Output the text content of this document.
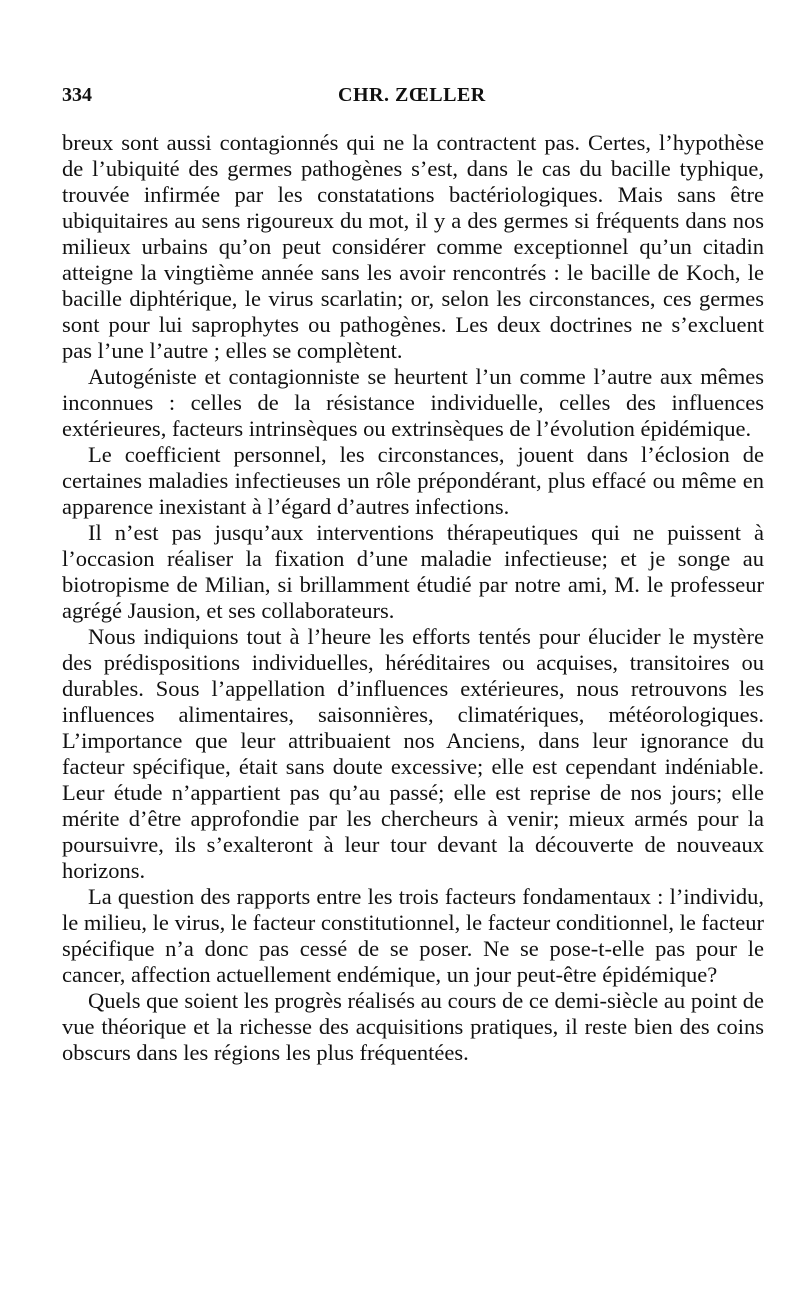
334	CHR. ZŒLLER

breux sont aussi contagionnés qui ne la contractent pas. Certes, l’hypothèse de l’ubiquité des germes pathogènes s’est, dans le cas du bacille typhique, trouvée infirmée par les constatations bactériologiques. Mais sans être ubiquitaires au sens rigoureux du mot, il y a des germes si fréquents dans nos milieux urbains qu’on peut considérer comme exceptionnel qu’un citadin atteigne la vingtième année sans les avoir rencontrés : le bacille de Koch, le bacille diphtérique, le virus scarlatin; or, selon les circonstances, ces germes sont pour lui saprophytes ou pathogènes. Les deux doctrines ne s’excluent pas l’une l’autre ; elles se complètent.

Autogéniste et contagionniste se heurtent l’un comme l’autre aux mêmes inconnues : celles de la résistance individuelle, celles des influences extérieures, facteurs intrinsèques ou extrinsèques de l’évolution épidémique.

Le coefficient personnel, les circonstances, jouent dans l’éclosion de certaines maladies infectieuses un rôle prépondérant, plus effacé ou même en apparence inexistant à l’égard d’autres infections.

Il n’est pas jusqu’aux interventions thérapeutiques qui ne puissent à l’occasion réaliser la fixation d’une maladie infectieuse; et je songe au biotropisme de Milian, si brillamment étudié par notre ami, M. le professeur agrégé Jausion, et ses collaborateurs.

Nous indiquions tout à l’heure les efforts tentés pour élucider le mystère des prédispositions individuelles, héréditaires ou acquises, transitoires ou durables. Sous l’appellation d’influences extérieures, nous retrouvons les influences alimentaires, saisonnières, climatériques, météorologiques. L’importance que leur attribuaient nos Anciens, dans leur ignorance du facteur spécifique, était sans doute excessive; elle est cependant indéniable. Leur étude n’appartient pas qu’au passé; elle est reprise de nos jours; elle mérite d’être approfondie par les chercheurs à venir; mieux armés pour la poursuivre, ils s’exalteront à leur tour devant la découverte de nouveaux horizons.

La question des rapports entre les trois facteurs fondamentaux : l’individu, le milieu, le virus, le facteur constitutionnel, le facteur conditionnel, le facteur spécifique n’a donc pas cessé de se poser. Ne se pose-t-elle pas pour le cancer, affection actuellement endémique, un jour peut-être épidémique?

Quels que soient les progrès réalisés au cours de ce demi-siècle au point de vue théorique et la richesse des acquisitions pratiques, il reste bien des coins obscurs dans les régions les plus fréquentées.
